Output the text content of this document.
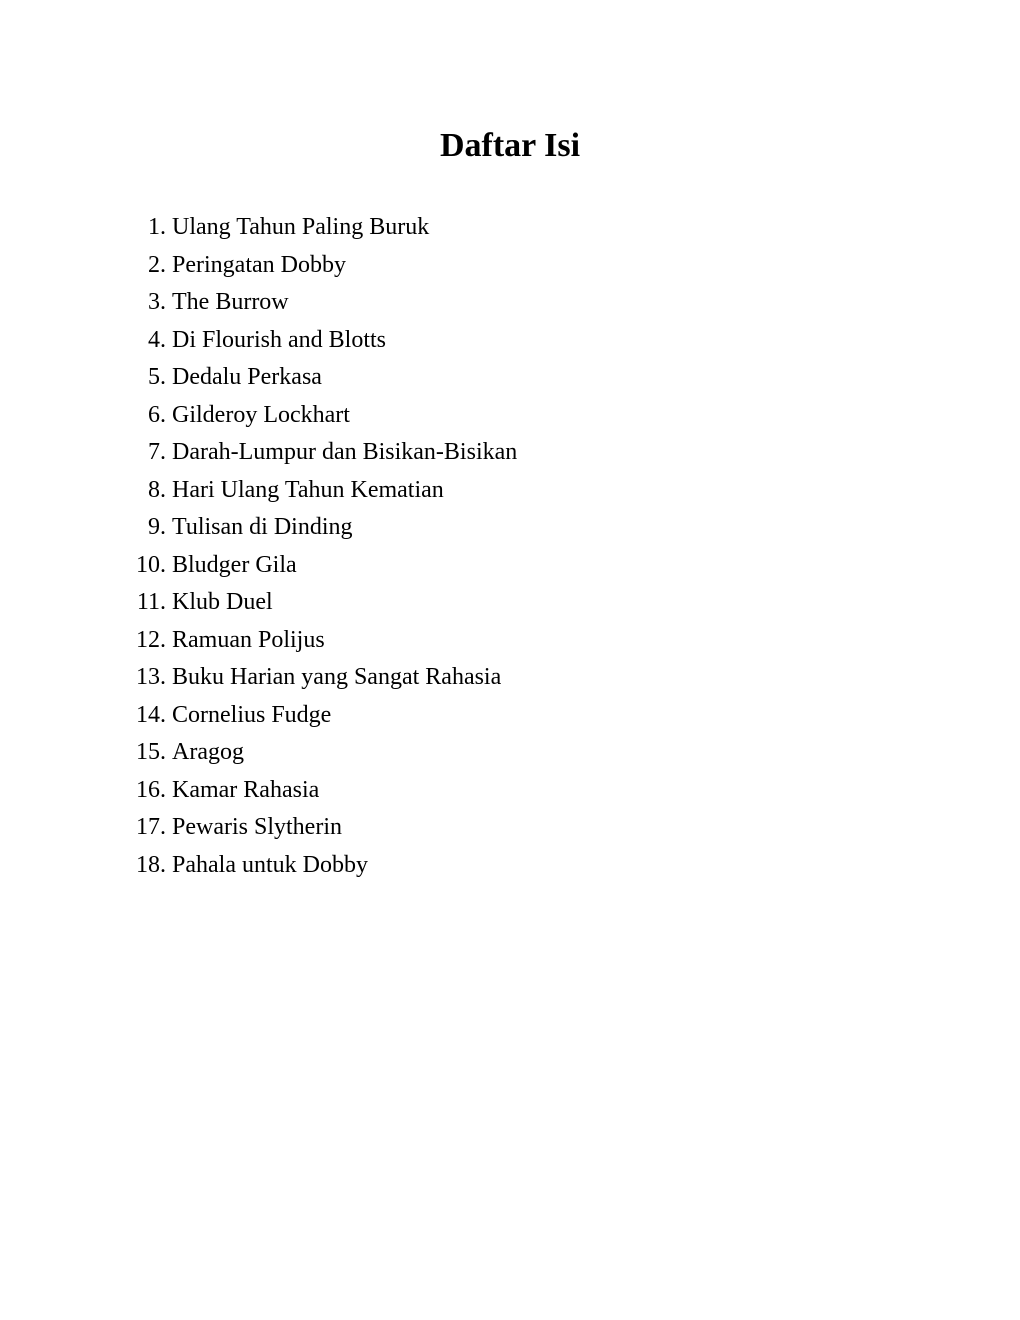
Daftar Isi
1.
Ulang Tahun Paling Buruk
2.
Peringatan Dobby
3.
The Burrow
4.
Di Flourish and Blotts
5.
Dedalu Perkasa
6.
Gilderoy Lockhart
7.
Darah-Lumpur dan Bisikan-Bisikan
8.
Hari Ulang Tahun Kematian
9.
Tulisan di Dinding
10.
Bludger Gila
11.
Klub Duel
12.
Ramuan Polijus
13.
Buku Harian yang Sangat Rahasia
14.
Cornelius Fudge
15.
Aragog
16.
Kamar Rahasia
17.
Pewaris Slytherin
18.
Pahala untuk Dobby
